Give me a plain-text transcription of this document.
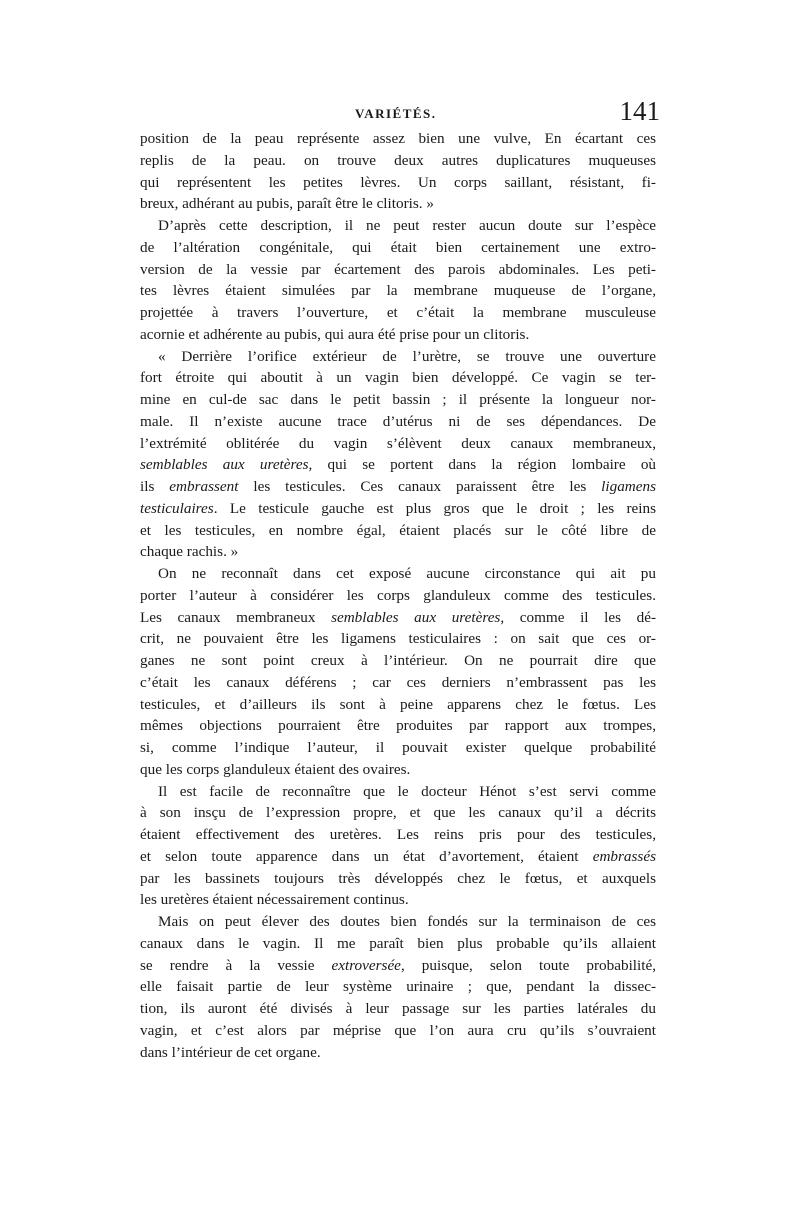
VARIÉTÉS.	141
position de la peau représente assez bien une vulve, En écartant ces
replis de la peau. on trouve deux autres duplicatures muqueuses
qui représentent les petites lèvres. Un corps saillant, résistant, fi-
breux, adhérant au pubis, paraît être le clitoris. »
D’après cette description, il ne peut rester aucun doute sur l’espèce
de l’altération congénitale, qui était bien certainement une extro-
version de la vessie par écartement des parois abdominales. Les peti-
tes lèvres étaient simulées par la membrane muqueuse de l’organe,
projettée à travers l’ouverture, et c’était la membrane musculeuse
acornie et adhérente au pubis, qui aura été prise pour un clitoris.
« Derrière l’orifice extérieur de l’urètre, se trouve une ouverture
fort étroite qui aboutit à un vagin bien développé. Ce vagin se ter-
mine en cul-de sac dans le petit bassin ; il présente la longueur nor-
male. Il n’existe aucune trace d’utérus ni de ses dépendances. De
l’extrémité oblitérée du vagin s’élèvent deux canaux membraneux,
semblables aux uretères, qui se portent dans la région lombaire où
ils embrassent les testicules. Ces canaux paraissent être les ligamens
testiculaires. Le testicule gauche est plus gros que le droit ; les reins
et les testicules, en nombre égal, étaient placés sur le côté libre de
chaque rachis. »
On ne reconnaît dans cet exposé aucune circonstance qui ait pu
porter l’auteur à considérer les corps glanduleux comme des testicules.
Les canaux membraneux semblables aux uretères, comme il les dé-
crit, ne pouvaient être les ligamens testiculaires : on sait que ces or-
ganes ne sont point creux à l’intérieur. On ne pourrait dire que
c’était les canaux déférens ; car ces derniers n’embrassent pas les
testicules, et d’ailleurs ils sont à peine apparens chez le fœtus. Les
mêmes objections pourraient être produites par rapport aux trompes,
si, comme l’indique l’auteur, il pouvait exister quelque probabilité
que les corps glanduleux étaient des ovaires.
Il est facile de reconnaître que le docteur Hénot s’est servi comme
à son insçu de l’expression propre, et que les canaux qu’il a décrits
étaient effectivement des uretères. Les reins pris pour des testicules,
et selon toute apparence dans un état d’avortement, étaient embrassés
par les bassinets toujours très développés chez le fœtus, et auxquels
les uretères étaient nécessairement continus.
Mais on peut élever des doutes bien fondés sur la terminaison de ces
canaux dans le vagin. Il me paraît bien plus probable qu’ils allaient
se rendre à la vessie extroversée, puisque, selon toute probabilité,
elle faisait partie de leur système urinaire ; que, pendant la dissec-
tion, ils auront été divisés à leur passage sur les parties latérales du
vagin, et c’est alors par méprise que l’on aura cru qu’ils s’ouvraient
dans l’intérieur de cet organe.
